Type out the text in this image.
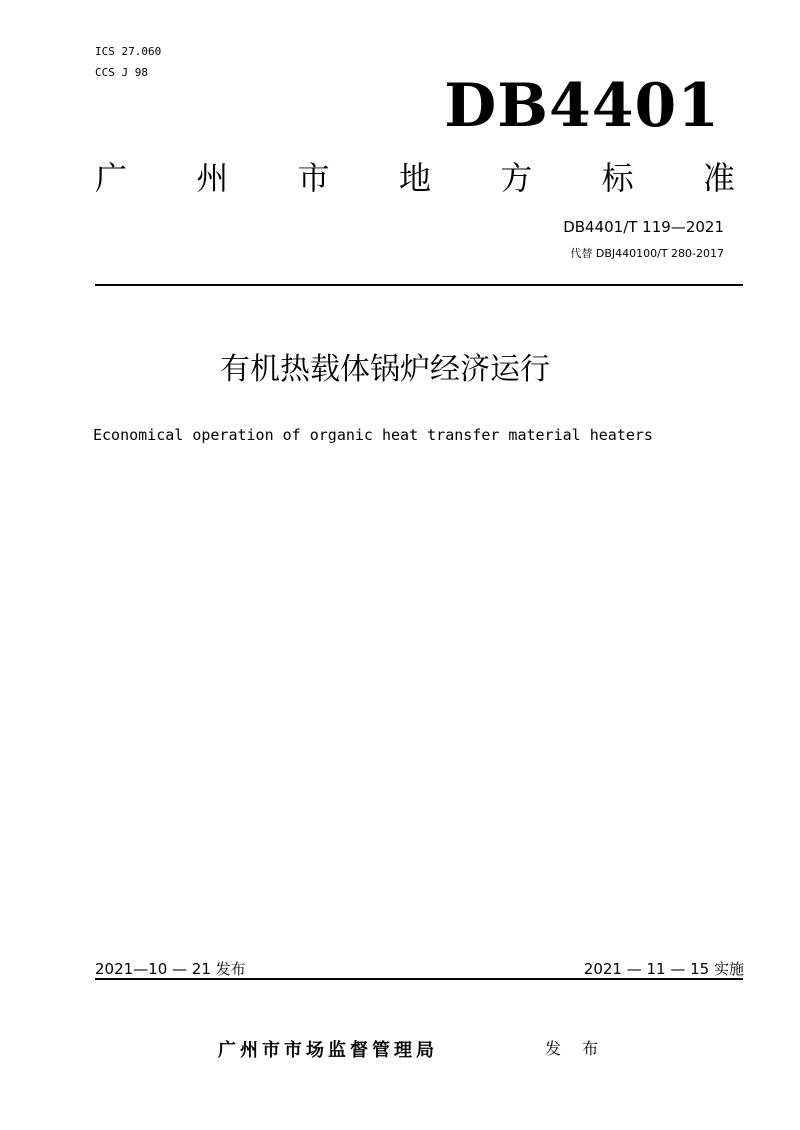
ICS 27.060
CCS J 98	DB4401
广 州 市 地 方 标 准
DB4401/T 119—2021
代替 DBJ440100/T 280-2017
有机热载体锅炉经济运行
Economical operation of organic heat transfer material heaters
2021—10 — 21 发布	2021 — 11 — 15 实施
广州市市场监督管理局	发 布
